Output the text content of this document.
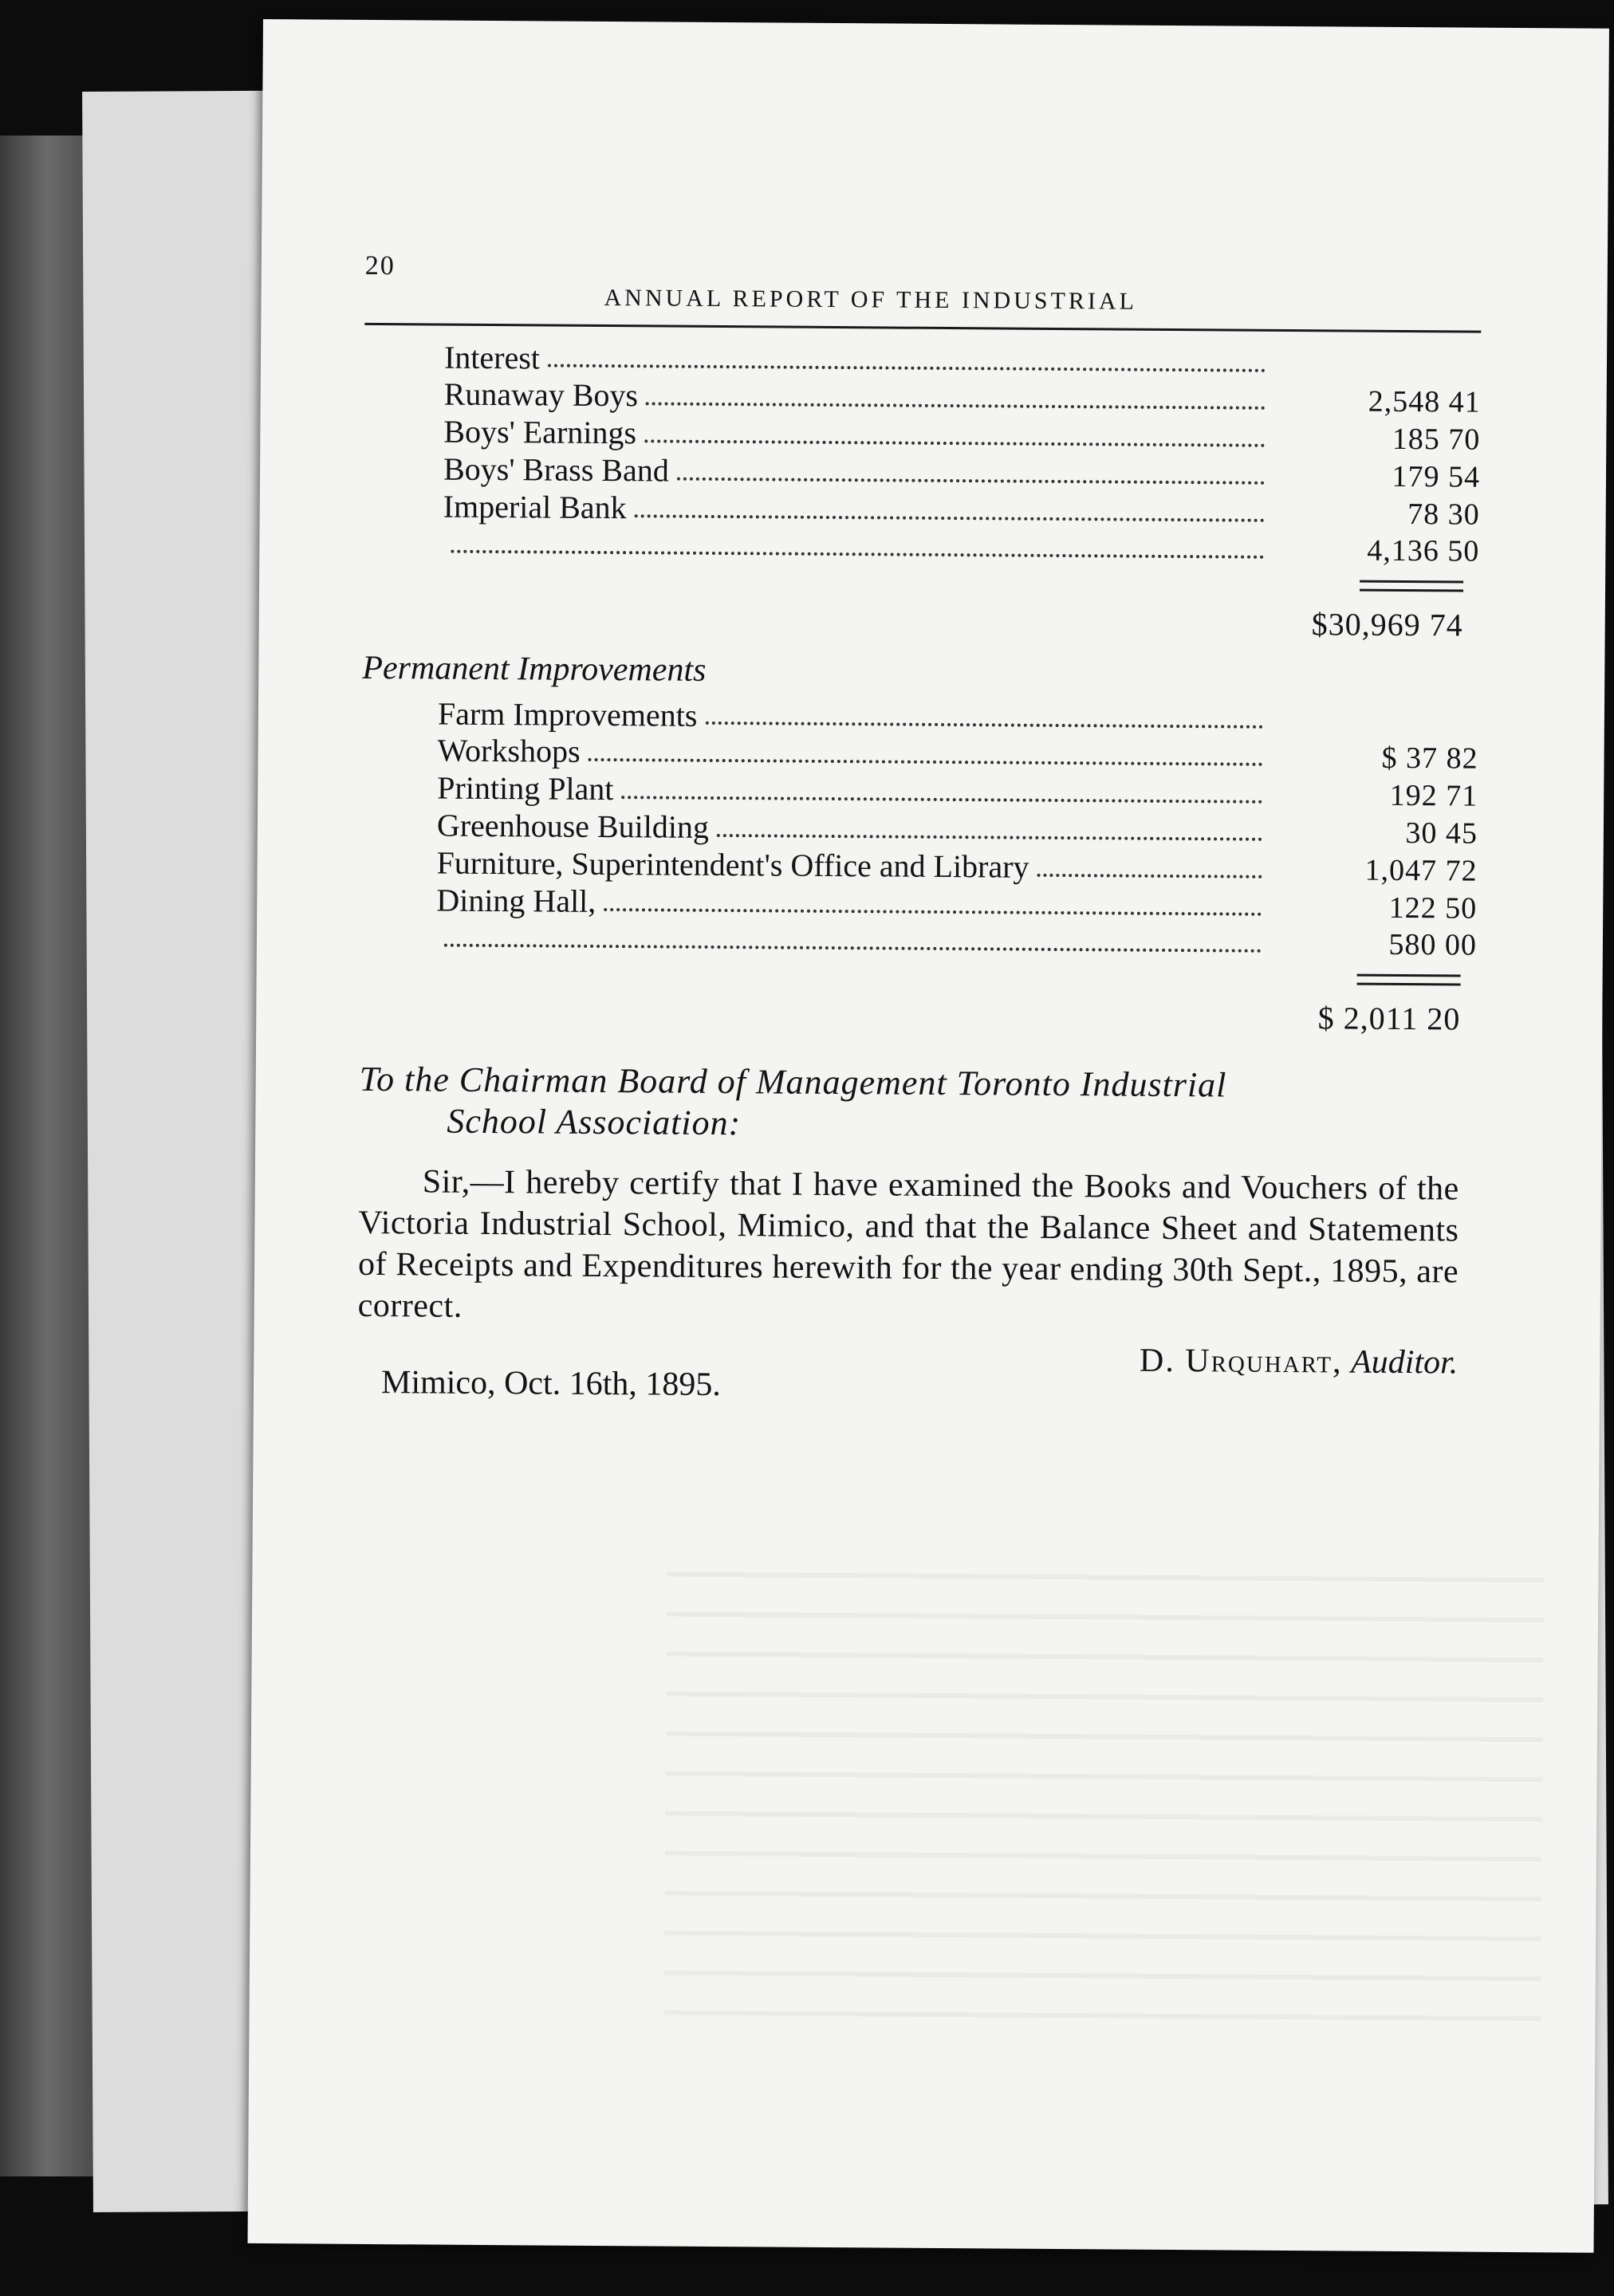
20
ANNUAL REPORT OF THE INDUSTRIAL
Interest
Runaway Boys	2,548 41
Boys' Earnings	185 70
Boys' Brass Band	179 54
Imperial Bank	78 30
4,136 50
$30,969 74
Permanent Improvements
Farm Improvements
Workshops	$ 37 82
Printing Plant	192 71
Greenhouse Building	30 45
Furniture, Superintendent's Office and Library	1,047 72
Dining Hall,	122 50
580 00
$ 2,011 20
To the Chairman Board of Management Toronto Industrial
School Association:
Sir,—I hereby certify that I have examined the Books and Vouchers of the Victoria Industrial School, Mimico, and that the Balance Sheet and Statements of Receipts and Expenditures herewith for the year ending 30th Sept., 1895, are correct.
Mimico, Oct. 16th, 1895.
D. Urquhart, Auditor.
